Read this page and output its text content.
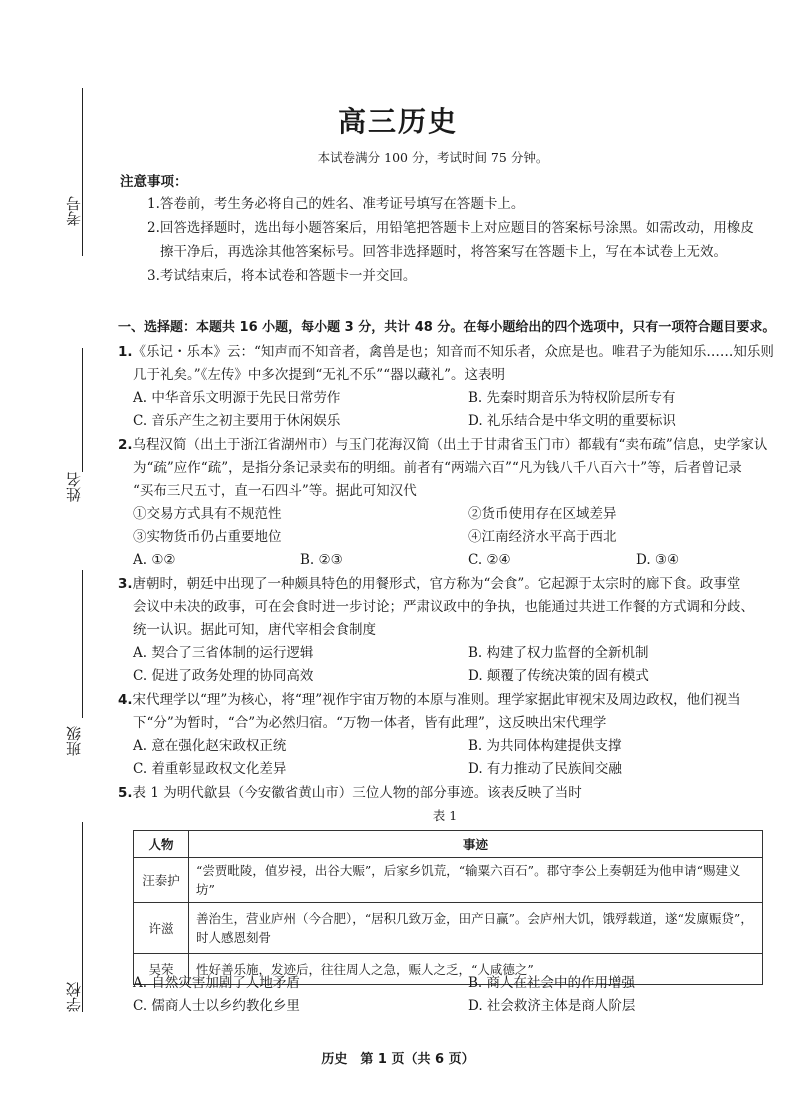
考号
姓名
班级
学校
高三历史
本试卷满分 100 分，考试时间 75 分钟。
注意事项：
1.答卷前，考生务必将自己的姓名、准考证号填写在答题卡上。
2.回答选择题时，选出每小题答案后，用铅笔把答题卡上对应题目的答案标号涂黑。如需改动，用橡皮
擦干净后，再选涂其他答案标号。回答非选择题时，将答案写在答题卡上，写在本试卷上无效。
3.考试结束后，将本试卷和答题卡一并交回。
一、选择题：本题共 16 小题，每小题 3 分，共计 48 分。在每小题给出的四个选项中，只有一项符合题目要求。
1.《乐记・乐本》云：“知声而不知音者，禽兽是也；知音而不知乐者，众庶是也。唯君子为能知乐……知乐则
几于礼矣。”《左传》中多次提到“无礼不乐”“器以藏礼”。这表明
A. 中华音乐文明源于先民日常劳作	B. 先秦时期音乐为特权阶层所专有
C. 音乐产生之初主要用于休闲娱乐	D. 礼乐结合是中华文明的重要标识
2.乌程汉简（出土于浙江省湖州市）与玉门花海汉简（出土于甘肃省玉门市）都载有“卖布疏”信息，史学家认
为“疏”应作“疏”，是指分条记录卖布的明细。前者有“两端六百”“凡为钱八千八百六十”等，后者曾记录
“买布三尺五寸，直一石四斗”等。据此可知汉代
①交易方式具有不规范性	②货币使用存在区域差异
③实物货币仍占重要地位	④江南经济水平高于西北
A. ①②	B. ②③	C. ②④	D. ③④
3.唐朝时，朝廷中出现了一种颇具特色的用餐形式，官方称为“会食”。它起源于太宗时的廊下食。政事堂
会议中未决的政事，可在会食时进一步讨论；严肃议政中的争执，也能通过共进工作餐的方式调和分歧、
统一认识。据此可知，唐代宰相会食制度
A. 契合了三省体制的运行逻辑	B. 构建了权力监督的全新机制
C. 促进了政务处理的协同高效	D. 颠覆了传统决策的固有模式
4.宋代理学以“理”为核心，将“理”视作宇宙万物的本原与准则。理学家据此审视宋及周边政权，他们视当
下“分”为暂时，“合”为必然归宿。“万物一体者，皆有此理”，这反映出宋代理学
A. 意在强化赵宋政权正统	B. 为共同体构建提供支撑
C. 着重彰显政权文化差异	D. 有力推动了民族间交融
5.表 1 为明代歙县（今安徽省黄山市）三位人物的部分事迹。该表反映了当时
表 1
人物	事迹
汪泰护	“尝贾毗陵，值岁祲，出谷大赈”，后家乡饥荒，“输粟六百石”。郡守李公上奏朝廷为他申请“赐建义坊”
许滋	善治生，营业庐州（今合肥），“居积几致万金，田产日赢”。会庐州大饥，饿殍载道，遂“发廪赈贷”，时人感恩刻骨
吴荣	性好善乐施，发迹后，往往周人之急，赈人之乏，“人咸德之”
A. 自然灾害加剧了人地矛盾	B. 商人在社会中的作用增强
C. 儒商人士以乡约教化乡里	D. 社会救济主体是商人阶层
历史　第 1 页（共 6 页）
